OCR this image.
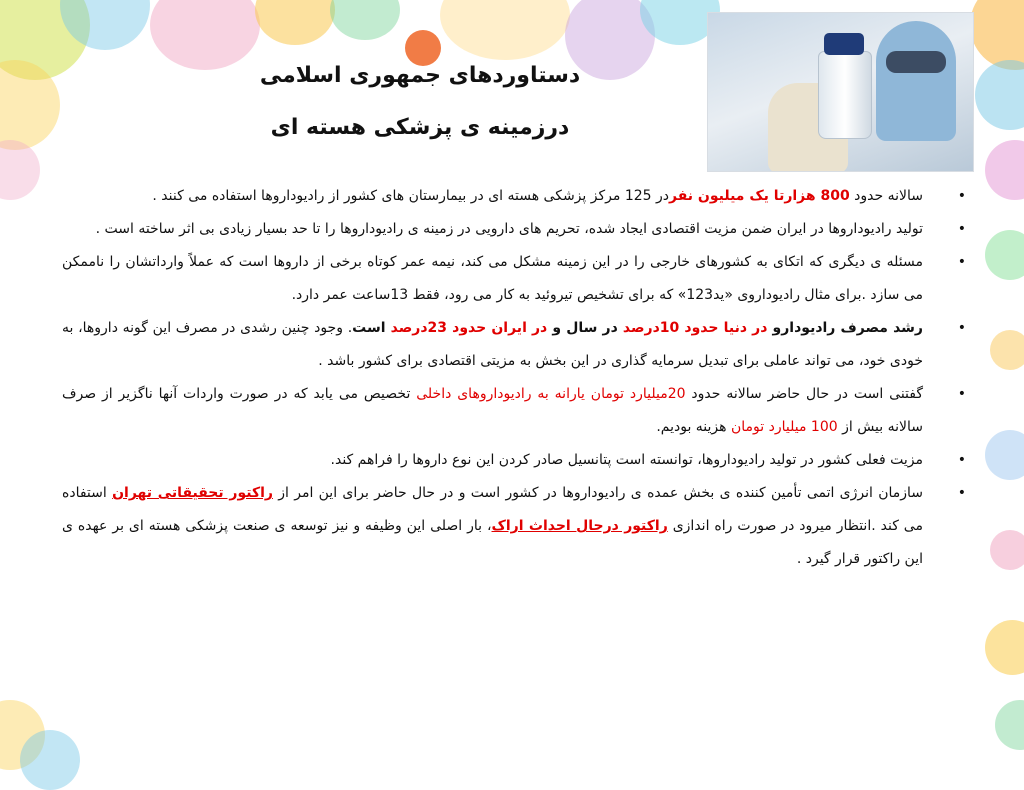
دستاوردهای جمهوری اسلامی
درزمینه ی پزشکی هسته ای
•
سالانه حدود 800 هزارتا یک میلیون نفردر 125 مرکز پزشکی هسته ای در بیمارستان های کشور از رادیوداروها استفاده می کنند .
•
تولید رادیوداروها در ایران ضمن مزیت اقتصادی ایجاد شده، تحریم های دارویی در زمینه ی رادیوداروها را تا حد بسیار زیادی بی اثر ساخته است .
•
مسئله ی دیگری که اتکای به کشورهای خارجی را در این زمینه مشکل می کند، نیمه عمر کوتاه برخی از داروها است که عملاً وارداتشان را ناممکن می سازد .برای مثال رادیوداروی «ید123» که برای تشخیص تیروئید به کار می رود، فقط 13ساعت عمر دارد.
•
رشد مصرف رادیودارو در دنیا حدود 10درصد در سال و در ایران حدود 23درصد است. وجود چنین رشدی در مصرف این گونه داروها، به خودی خود، می تواند عاملی برای تبدیل سرمایه گذاری در این بخش به مزیتی اقتصادی برای کشور باشد .
•
گفتنی است در حال حاضر سالانه حدود 20میلیارد تومان یارانه به رادیوداروهای داخلی تخصیص می یابد که در صورت واردات آنها ناگزیر از صرف سالانه بیش از 100 میلیارد تومان هزینه بودیم.
•
مزیت فعلی کشور در تولید رادیوداروها، توانسته است پتانسیل صادر کردن این نوع داروها را فراهم کند.
•
سازمان انرژی اتمی تأمین کننده ی بخش عمده ی رادیوداروها در کشور است و در حال حاضر برای این امر از راکتور تحقیقاتی تهران استفاده می کند .انتظار میرود در صورت راه اندازی راکتور درحال احداث اراک، بار اصلی این وظیفه و نیز توسعه ی صنعت پزشکی هسته ای بر عهده ی این راکتور قرار گیرد .
